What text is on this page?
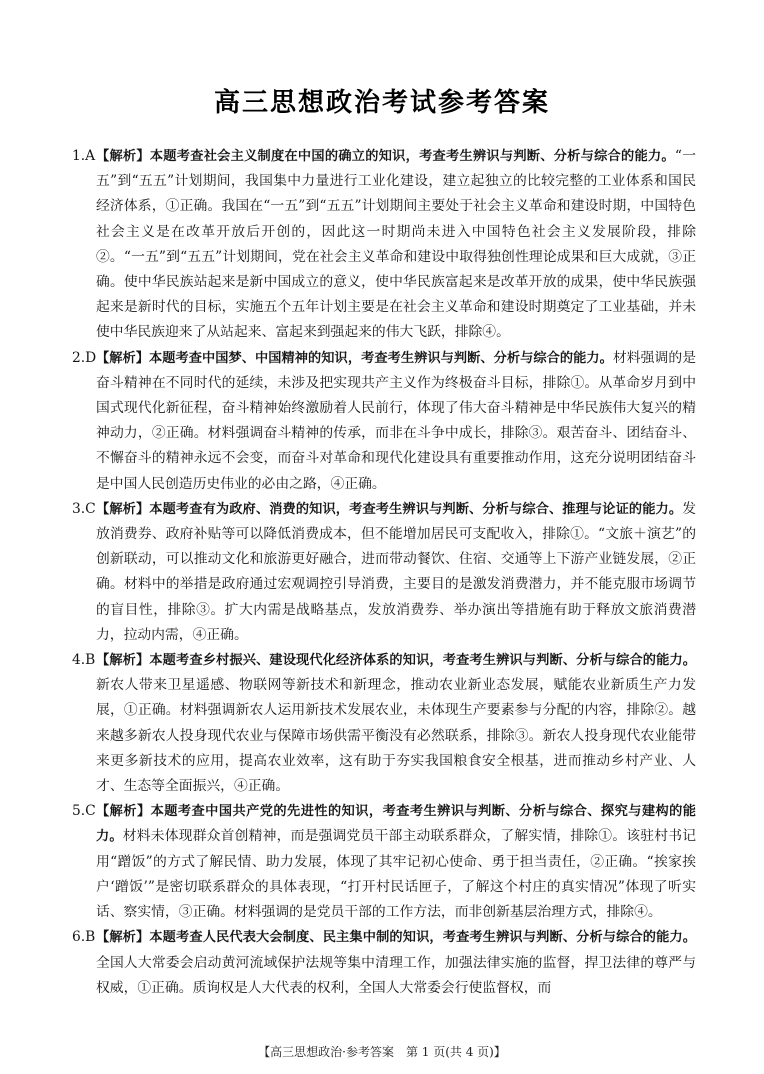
高三思想政治考试参考答案
1.A 【解析】本题考查社会主义制度在中国的确立的知识，考查考生辨识与判断、分析与综合的能力。“一五”到“五五”计划期间，我国集中力量进行工业化建设，建立起独立的比较完整的工业体系和国民经济体系，①正确。我国在“一五”到“五五”计划期间主要处于社会主义革命和建设时期，中国特色社会主义是在改革开放后开创的，因此这一时期尚未进入中国特色社会主义发展阶段，排除②。“一五”到“五五”计划期间，党在社会主义革命和建设中取得独创性理论成果和巨大成就，③正确。使中华民族站起来是新中国成立的意义，使中华民族富起来是改革开放的成果，使中华民族强起来是新时代的目标，实施五个五年计划主要是在社会主义革命和建设时期奠定了工业基础，并未使中华民族迎来了从站起来、富起来到强起来的伟大飞跃，排除④。
2.D 【解析】本题考查中国梦、中国精神的知识，考查考生辨识与判断、分析与综合的能力。材料强调的是奋斗精神在不同时代的延续，未涉及把实现共产主义作为终极奋斗目标，排除①。从革命岁月到中国式现代化新征程，奋斗精神始终激励着人民前行，体现了伟大奋斗精神是中华民族伟大复兴的精神动力，②正确。材料强调奋斗精神的传承，而非在斗争中成长，排除③。艰苦奋斗、团结奋斗、不懈奋斗的精神永远不会变，而奋斗对革命和现代化建设具有重要推动作用，这充分说明团结奋斗是中国人民创造历史伟业的必由之路，④正确。
3.C 【解析】本题考查有为政府、消费的知识，考查考生辨识与判断、分析与综合、推理与论证的能力。发放消费券、政府补贴等可以降低消费成本，但不能增加居民可支配收入，排除①。“文旅＋演艺”的创新联动，可以推动文化和旅游更好融合，进而带动餐饮、住宿、交通等上下游产业链发展，②正确。材料中的举措是政府通过宏观调控引导消费，主要目的是激发消费潜力，并不能克服市场调节的盲目性，排除③。扩大内需是战略基点，发放消费券、举办演出等措施有助于释放文旅消费潜力，拉动内需，④正确。
4.B 【解析】本题考查乡村振兴、建设现代化经济体系的知识，考查考生辨识与判断、分析与综合的能力。新农人带来卫星遥感、物联网等新技术和新理念，推动农业新业态发展，赋能农业新质生产力发展，①正确。材料强调新农人运用新技术发展农业，未体现生产要素参与分配的内容，排除②。越来越多新农人投身现代农业与保障市场供需平衡没有必然联系，排除③。新农人投身现代农业能带来更多新技术的应用，提高农业效率，这有助于夯实我国粮食安全根基，进而推动乡村产业、人才、生态等全面振兴，④正确。
5.C 【解析】本题考查中国共产党的先进性的知识，考查考生辨识与判断、分析与综合、探究与建构的能力。材料未体现群众首创精神，而是强调党员干部主动联系群众，了解实情，排除①。该驻村书记用“蹭饭”的方式了解民情、助力发展，体现了其牢记初心使命、勇于担当责任，②正确。“挨家挨户‘蹭饭’”是密切联系群众的具体表现，“打开村民话匣子，了解这个村庄的真实情况”体现了听实话、察实情，③正确。材料强调的是党员干部的工作方法，而非创新基层治理方式，排除④。
6.B 【解析】本题考查人民代表大会制度、民主集中制的知识，考查考生辨识与判断、分析与综合的能力。全国人大常委会启动黄河流域保护法规等集中清理工作，加强法律实施的监督，捍卫法律的尊严与权威，①正确。质询权是人大代表的权利，全国人大常委会行使监督权，而
【高三思想政治·参考答案　第 1 页(共 4 页)】
